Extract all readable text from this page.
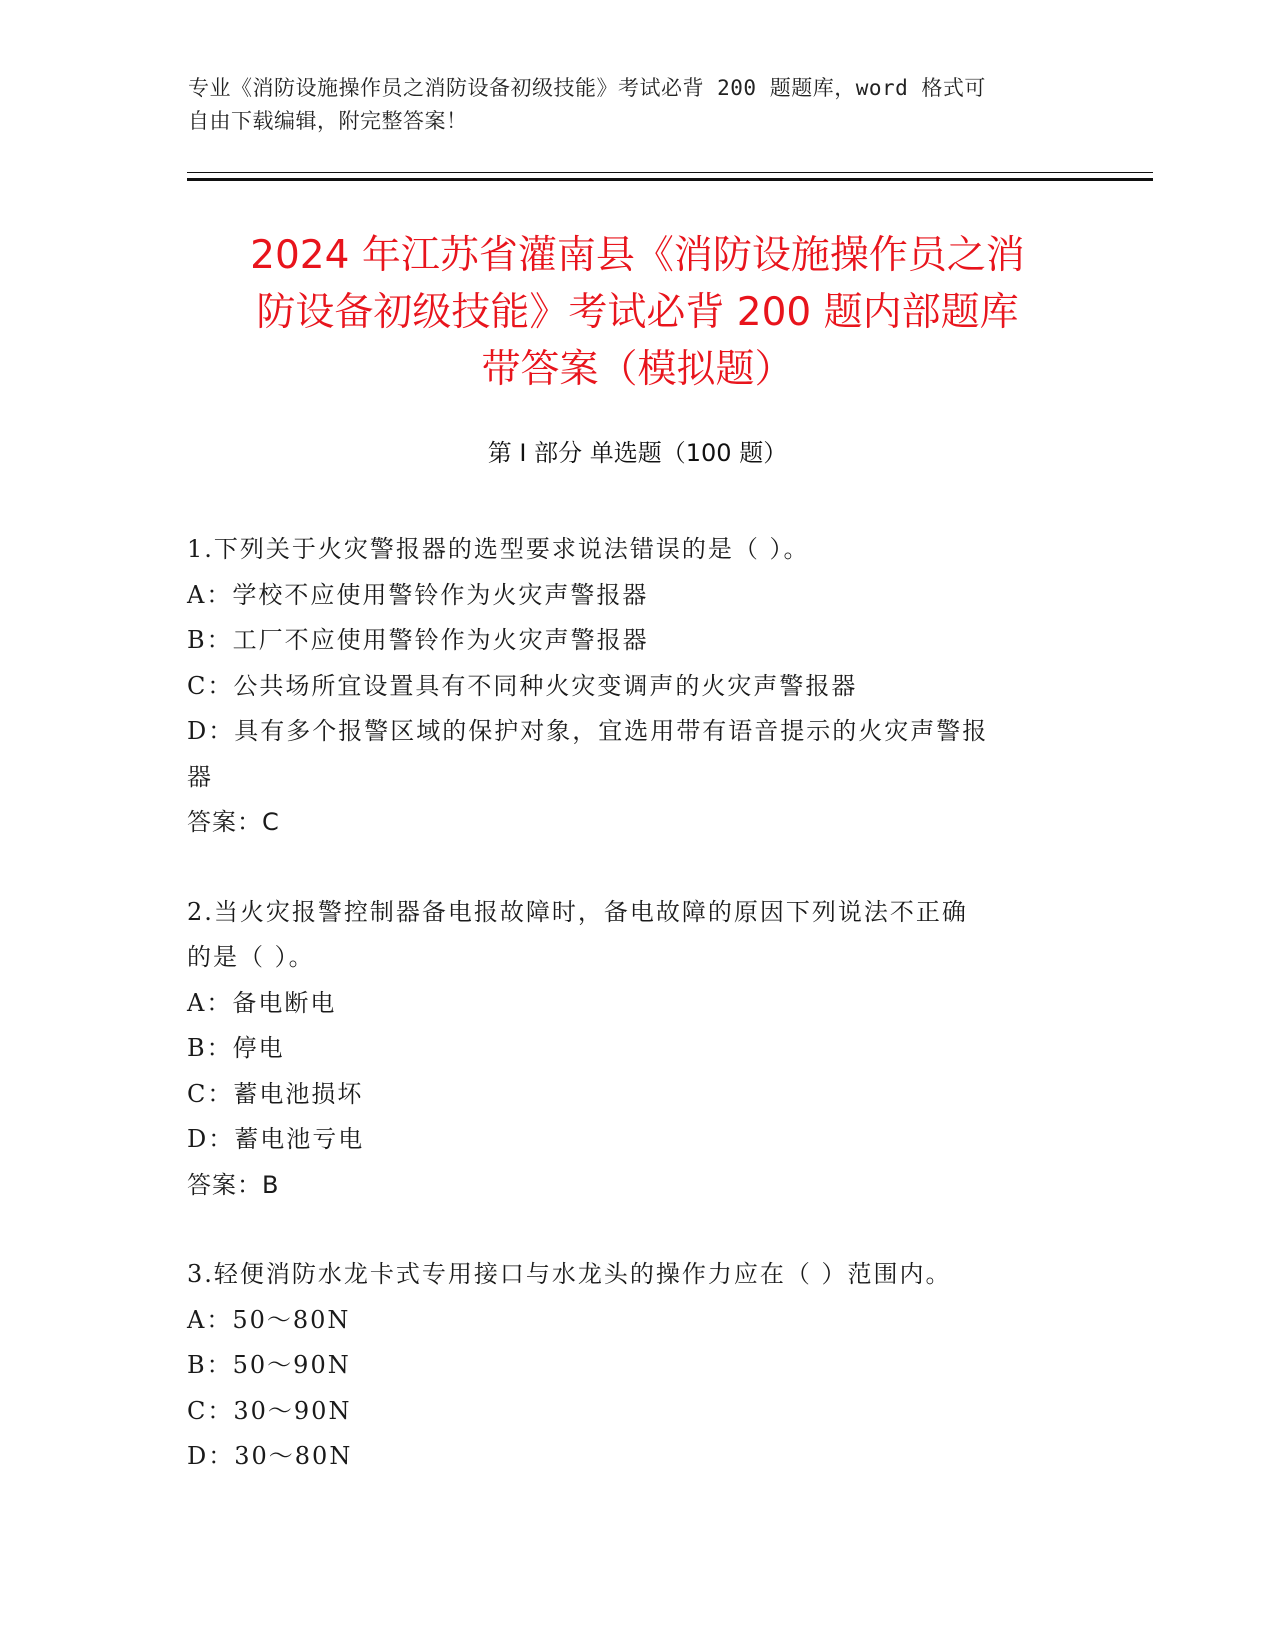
专业《消防设施操作员之消防设备初级技能》考试必背 200 题题库，word 格式可
自由下载编辑，附完整答案！
2024 年江苏省灌南县《消防设施操作员之消
防设备初级技能》考试必背 200 题内部题库
带答案（模拟题）
第 I 部分 单选题（100 题）
1.下列关于火灾警报器的选型要求说法错误的是（ ）。
A：学校不应使用警铃作为火灾声警报器
B：工厂不应使用警铃作为火灾声警报器
C：公共场所宜设置具有不同种火灾变调声的火灾声警报器
D：具有多个报警区域的保护对象，宜选用带有语音提示的火灾声警报
器
答案：C
2.当火灾报警控制器备电报故障时，备电故障的原因下列说法不正确
的是（ ）。
A：备电断电
B：停电
C：蓄电池损坏
D：蓄电池亏电
答案：B
3.轻便消防水龙卡式专用接口与水龙头的操作力应在（ ）范围内。
A：50～80N
B：50～90N
C：30～90N
D：30～80N
